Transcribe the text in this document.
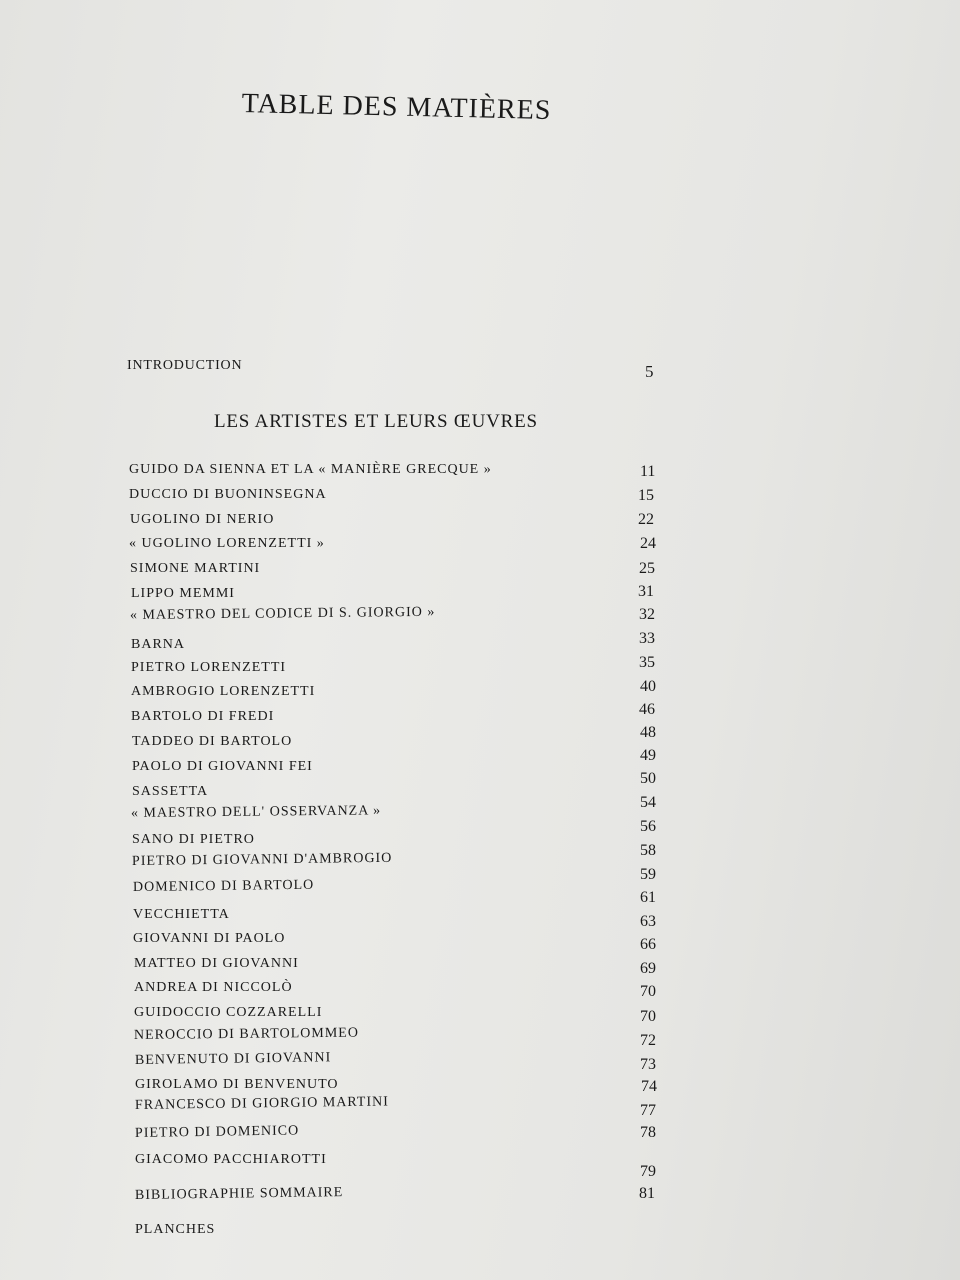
TABLE DES MATIÈRES
INTRODUCTION	5
LES ARTISTES ET LEURS ŒUVRES
GUIDO DA SIENNA ET LA « MANIÈRE GRECQUE »
DUCCIO DI BUONINSEGNA
UGOLINO DI NERIO
« UGOLINO LORENZETTI »
SIMONE MARTINI
LIPPO MEMMI
« MAESTRO DEL CODICE DI S. GIORGIO »
BARNA
PIETRO LORENZETTI
AMBROGIO LORENZETTI
BARTOLO DI FREDI
TADDEO DI BARTOLO
PAOLO DI GIOVANNI FEI
SASSETTA
« MAESTRO DELL' OSSERVANZA »
SANO DI PIETRO
PIETRO DI GIOVANNI D'AMBROGIO
DOMENICO DI BARTOLO
VECCHIETTA
GIOVANNI DI PAOLO
MATTEO DI GIOVANNI
ANDREA DI NICCOLÒ
GUIDOCCIO COZZARELLI
NEROCCIO DI BARTOLOMMEO
BENVENUTO DI GIOVANNI
GIROLAMO DI BENVENUTO
FRANCESCO DI GIORGIO MARTINI
PIETRO DI DOMENICO
GIACOMO PACCHIAROTTI
BIBLIOGRAPHIE SOMMAIRE
PLANCHES
11
15
22
24
25
31
32
33
35
40
46
48
49
50
54
56
58
59
61
63
66
69
70
70
72
73
74
77
78
79
81
